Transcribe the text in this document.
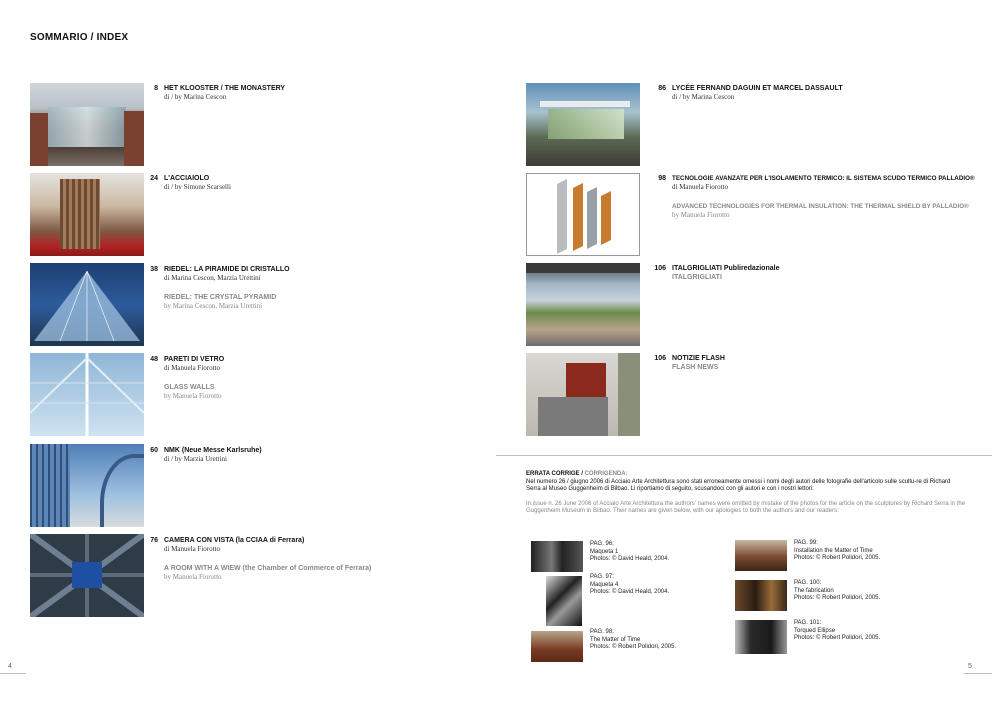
SOMMARIO / INDEX
8 HET KLOOSTER / THE MONASTERY
di / by Marina Cescon
24 L'ACCIAIOLO
di / by Simone Scarselli
38 RIEDEL: LA PIRAMIDE DI CRISTALLO
di Marina Cescon, Marzia Urettini
RIEDEL: THE CRYSTAL PYRAMID
by Marina Cescon, Marzia Urettini
48 PARETI DI VETRO
di Manuela Fiorotto
GLASS WALLS
by Manuela Fiorotto
60 NMK (Neue Messe Karlsruhe)
di / by Marzia Urettini
76 CAMERA CON VISTA (la CCIAA di Ferrara)
di Manuela Fiorotto
A ROOM WITH A WIEW (the Chamber of Commerce of Ferrara)
by Manuela Fiorotto
86 LYCÉE FERNAND DAGUIN ET MARCEL DASSAULT
di / by Marina Cescon
98 TECNOLOGIE AVANZATE PER L'ISOLAMENTO TERMICO: IL SISTEMA SCUDO TERMICO PALLADIO®
di Manuela Fiorotto
ADVANCED TECHNOLOGIES FOR THERMAL INSULATION: THE THERMAL SHIELD BY PALLADIO®
by Manuela Fiorotto
106 ITALGRIGLIATI Publiredazionale
ITALGRIGLIATI
106 NOTIZIE FLASH
FLASH NEWS
ERRATA CORRIGE / CORRIGENDA:
Nel numero 26 / giugno 2006 di Acciaio Arte Architettura sono stati erroneamente omessi i nomi degli autori delle fotografie dell'articolo sulle scultu-re di Richard Serra al Museo Guggenheim di Bilbao. Li riportiamo di seguito, scusandoci con gli autori e con i nostri lettori:
In issue n. 26 June 2006 of Acciaio Arte Architettura the authors' names were omitted by mistake of the photos for the article on the sculptures by Richard Serra in the Guggenheim Museum in Bilbao. Their names are given below, with our apologies to both the authors and our readers:
PAG. 96:
Maqueta 1
Photos: © David Heald, 2004.
PAG. 97:
Maqueta 4
Photos: © David Heald, 2004.
PAG. 98:
The Matter of Time
Photos: © Robert Polidori, 2005.
PAG. 99:
Installation the Matter of Time
Photos: © Robert Polidori, 2005.
PAG. 100:
The fabrication
Photos: © Robert Polidori, 2005.
PAG. 101:
Torqued Ellipse
Photos: © Robert Polidori, 2005.
4	5
